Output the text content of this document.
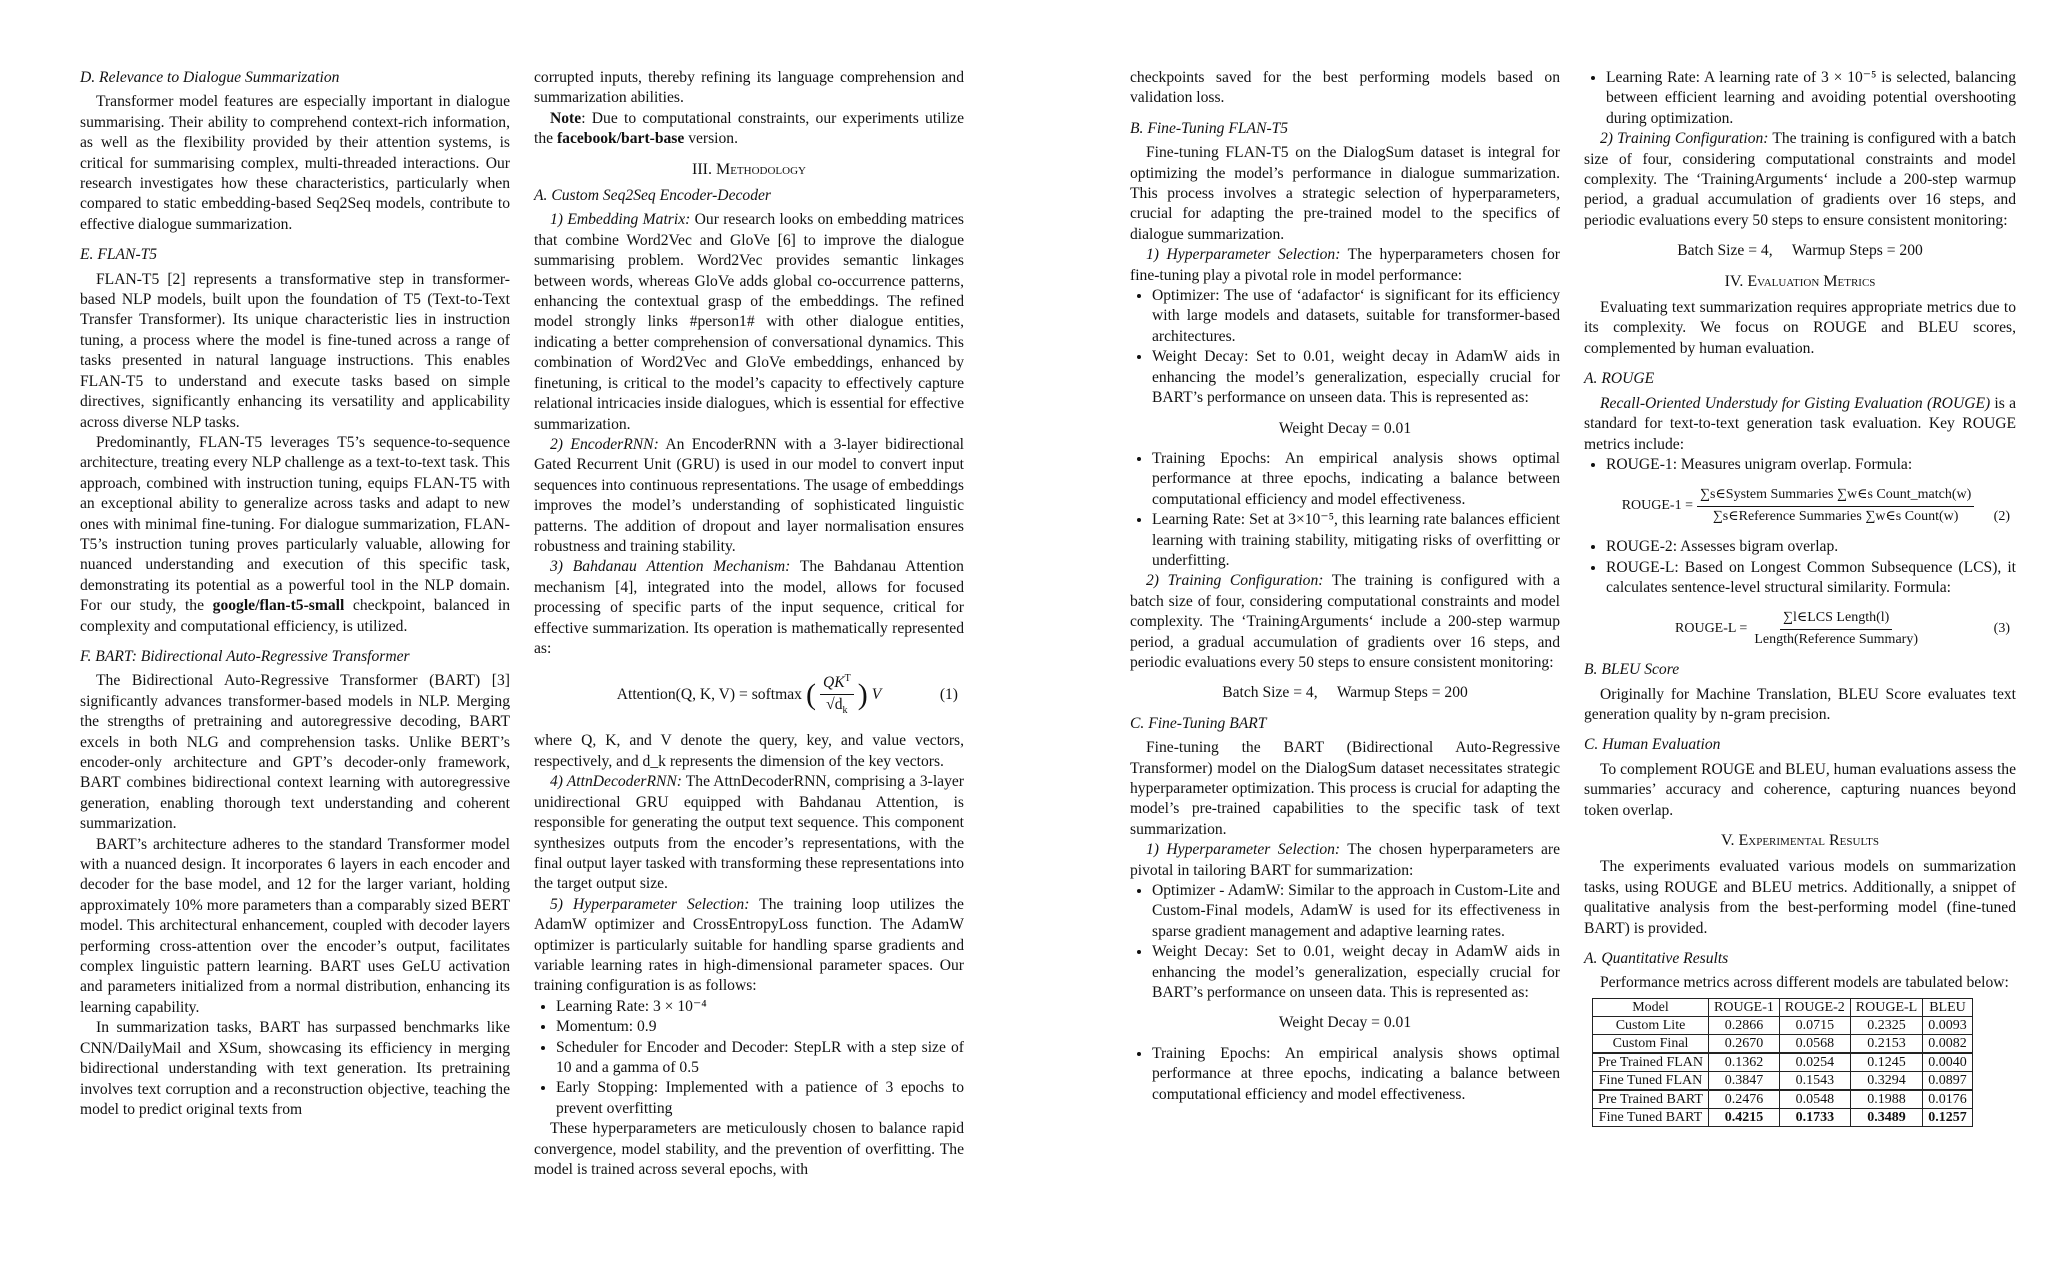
D. Relevance to Dialogue Summarization

Transformer model features are especially important in dialogue summarising. Their ability to comprehend context-rich information, as well as the flexibility provided by their attention systems, is critical for summarising complex, multi-threaded interactions. Our research investigates how these characteristics, particularly when compared to static embedding-based Seq2Seq models, contribute to effective dialogue summarization.

E. FLAN-T5

FLAN-T5 [2] represents a transformative step in transformer-based NLP models, built upon the foundation of T5 (Text-to-Text Transfer Transformer). Its unique characteristic lies in instruction tuning, a process where the model is fine-tuned across a range of tasks presented in natural language instructions. This enables FLAN-T5 to understand and execute tasks based on simple directives, significantly enhancing its versatility and applicability across diverse NLP tasks.

Predominantly, FLAN-T5 leverages T5’s sequence-to-sequence architecture, treating every NLP challenge as a text-to-text task. This approach, combined with instruction tuning, equips FLAN-T5 with an exceptional ability to generalize across tasks and adapt to new ones with minimal fine-tuning. For dialogue summarization, FLAN-T5’s instruction tuning proves particularly valuable, allowing for nuanced understanding and execution of this specific task, demonstrating its potential as a powerful tool in the NLP domain. For our study, the google/flan-t5-small checkpoint, balanced in complexity and computational efficiency, is utilized.

F. BART: Bidirectional Auto-Regressive Transformer

The Bidirectional Auto-Regressive Transformer (BART) [3] significantly advances transformer-based models in NLP. Merging the strengths of pretraining and autoregressive decoding, BART excels in both NLG and comprehension tasks. Unlike BERT’s encoder-only architecture and GPT’s decoder-only framework, BART combines bidirectional context learning with autoregressive generation, enabling thorough text understanding and coherent summarization.

BART’s architecture adheres to the standard Transformer model with a nuanced design. It incorporates 6 layers in each encoder and decoder for the base model, and 12 for the larger variant, holding approximately 10% more parameters than a comparably sized BERT model. This architectural enhancement, coupled with decoder layers performing cross-attention over the encoder’s output, facilitates complex linguistic pattern learning. BART uses GeLU activation and parameters initialized from a normal distribution, enhancing its learning capability.

In summarization tasks, BART has surpassed benchmarks like CNN/DailyMail and XSum, showcasing its efficiency in merging bidirectional understanding with text generation. Its pretraining involves text corruption and a reconstruction objective, teaching the model to predict original texts from

corrupted inputs, thereby refining its language comprehension and summarization abilities.

Note: Due to computational constraints, our experiments utilize the facebook/bart-base version.

III. Methodology
A. Custom Seq2Seq Encoder-Decoder

1) Embedding Matrix: Our research looks on embedding matrices that combine Word2Vec and GloVe [6] to improve the dialogue summarising problem. Word2Vec provides semantic linkages between words, whereas GloVe adds global co-occurrence patterns, enhancing the contextual grasp of the embeddings. The refined model strongly links #person1# with other dialogue entities, indicating a better comprehension of conversational dynamics. This combination of Word2Vec and GloVe embeddings, enhanced by finetuning, is critical to the model’s capacity to effectively capture relational intricacies inside dialogues, which is essential for effective summarization.

2) EncoderRNN: An EncoderRNN with a 3-layer bidirectional Gated Recurrent Unit (GRU) is used in our model to convert input sequences into continuous representations. The usage of embeddings improves the model’s understanding of sophisticated linguistic patterns. The addition of dropout and layer normalisation ensures robustness and training stability.

3) Bahdanau Attention Mechanism: The Bahdanau Attention mechanism [4], integrated into the model, allows for focused processing of specific parts of the input sequence, critical for effective summarization. Its operation is mathematically represented as:

Attention(Q, K, V) = softmax ( $\frac{QK^T}{√d_k}$ ) V	(1)

where Q, K, and V denote the query, key, and value vectors, respectively, and d_k represents the dimension of the key vectors.

4) AttnDecoderRNN: The AttnDecoderRNN, comprising a 3-layer unidirectional GRU equipped with Bahdanau Attention, is responsible for generating the output text sequence. This component synthesizes outputs from the encoder’s representations, with the final output layer tasked with transforming these representations into the target output size.

5) Hyperparameter Selection: The training loop utilizes the AdamW optimizer and CrossEntropyLoss function. The AdamW optimizer is particularly suitable for handling sparse gradients and variable learning rates in high-dimensional parameter spaces. Our training configuration is as follows:

• Learning Rate: 3 × 10⁻⁴
• Momentum: 0.9
• Scheduler for Encoder and Decoder: StepLR with a step size of 10 and a gamma of 0.5
• Early Stopping: Implemented with a patience of 3 epochs to prevent overfitting

These hyperparameters are meticulously chosen to balance rapid convergence, model stability, and the prevention of overfitting. The model is trained across several epochs, with

checkpoints saved for the best performing models based on validation loss.

B. Fine-Tuning FLAN-T5

Fine-tuning FLAN-T5 on the DialogSum dataset is integral for optimizing the model’s performance in dialogue summarization. This process involves a strategic selection of hyperparameters, crucial for adapting the pre-trained model to the specifics of dialogue summarization.

1) Hyperparameter Selection: The hyperparameters chosen for fine-tuning play a pivotal role in model performance:

• Optimizer: The use of ‘adafactor‘ is significant for its efficiency with large models and datasets, suitable for transformer-based architectures.
• Weight Decay: Set to 0.01, weight decay in AdamW aids in enhancing the model’s generalization, especially crucial for BART’s performance on unseen data. This is represented as:
Weight Decay = 0.01
• Training Epochs: An empirical analysis shows optimal performance at three epochs, indicating a balance between computational efficiency and model effectiveness.
• Learning Rate: Set at 3×10⁻⁵, this learning rate balances efficient learning with training stability, mitigating risks of overfitting or underfitting.

2) Training Configuration: The training is configured with a batch size of four, considering computational constraints and model complexity. The ‘TrainingArguments‘ include a 200-step warmup period, a gradual accumulation of gradients over 16 steps, and periodic evaluations every 50 steps to ensure consistent monitoring:

Batch Size = 4,     Warmup Steps = 200
C. Fine-Tuning BART

Fine-tuning the BART (Bidirectional Auto-Regressive Transformer) model on the DialogSum dataset necessitates strategic hyperparameter optimization. This process is crucial for adapting the model’s pre-trained capabilities to the specific task of text summarization.

1) Hyperparameter Selection: The chosen hyperparameters are pivotal in tailoring BART for summarization:

• Optimizer - AdamW: Similar to the approach in Custom-Lite and Custom-Final models, AdamW is used for its effectiveness in sparse gradient management and adaptive learning rates.
• Weight Decay: Set to 0.01, weight decay in AdamW aids in enhancing the model’s generalization, especially crucial for BART’s performance on unseen data. This is represented as:
Weight Decay = 0.01
• Training Epochs: An empirical analysis shows optimal performance at three epochs, indicating a balance between computational efficiency and model effectiveness.
• Learning Rate: A learning rate of 3 × 10⁻⁵ is selected, balancing between efficient learning and avoiding potential overshooting during optimization.

2) Training Configuration: The training is configured with a batch size of four, considering computational constraints and model complexity. The ‘TrainingArguments‘ include a 200-step warmup period, a gradual accumulation of gradients over 16 steps, and periodic evaluations every 50 steps to ensure consistent monitoring:

Batch Size = 4,     Warmup Steps = 200
IV. Evaluation Metrics

Evaluating text summarization requires appropriate metrics due to its complexity. We focus on ROUGE and BLEU scores, complemented by human evaluation.

A. ROUGE

Recall-Oriented Understudy for Gisting Evaluation (ROUGE) is a standard for text-to-text generation task evaluation. Key ROUGE metrics include:

• ROUGE-1: Measures unigram overlap. Formula:
ROUGE-1 = $\frac{\text{∑s∈System Summaries ∑w∈s Count\_match(w)}}{\text{∑s∈Reference Summaries ∑w∈s Count(w)}} (2)$
• ROUGE-2: Assesses bigram overlap.
• ROUGE-L: Based on Longest Common Subsequence (LCS), it calculates sentence-level structural similarity. Formula:
ROUGE-L = $\frac{\text{∑l∈LCS Length(l)}}{\text{Length(Reference Summary)}}$	(3)
B. BLEU Score

Originally for Machine Translation, BLEU Score evaluates text generation quality by n-gram precision.

C. Human Evaluation

To complement ROUGE and BLEU, human evaluations assess the summaries’ accuracy and coherence, capturing nuances beyond token overlap.

V. Experimental Results

The experiments evaluated various models on summarization tasks, using ROUGE and BLEU metrics. Additionally, a snippet of qualitative analysis from the best-performing model (fine-tuned BART) is provided.

A. Quantitative Results

Performance metrics across different models are tabulated below:

Model	ROUGE-1	ROUGE-2	ROUGE-L	BLEU
Custom Lite	0.2866	0.0715	0.2325	0.0093
Custom Final	0.2670	0.0568	0.2153	0.0082
Pre Trained FLAN	0.1362	0.0254	0.1245	0.0040
Fine Tuned FLAN	0.3847	0.1543	0.3294	0.0897
Pre Trained BART	0.2476	0.0548	0.1988	0.0176
Fine Tuned BART	0.4215	0.1733	0.3489	0.1257
